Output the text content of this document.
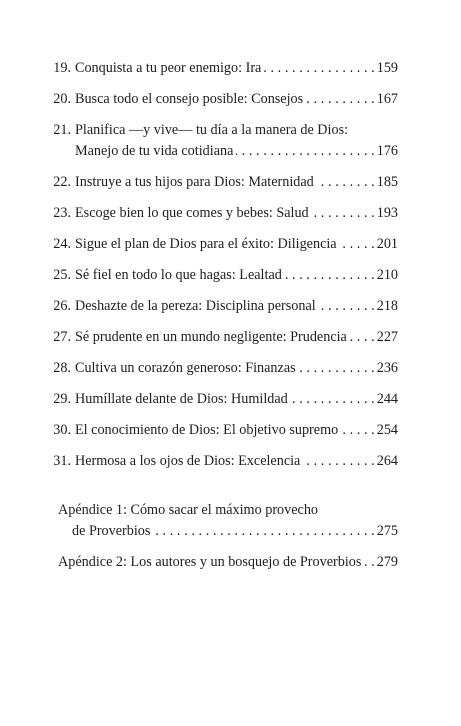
19. Conquista a tu peor enemigo: Ira . . .	159
20. Busca todo el consejo posible: Consejos . . .	167
21. Planifica —y vive— tu día a la manera de Dios:
Manejo de tu vida cotidiana . . .	176
22. Instruye a tus hijos para Dios: Maternidad . . .	185
23. Escoge bien lo que comes y bebes: Salud . . .	193
24. Sigue el plan de Dios para el éxito: Diligencia . . .	201
25. Sé fiel en todo lo que hagas: Lealtad . . .	210
26. Deshazte de la pereza: Disciplina personal . . .	218
27. Sé prudente en un mundo negligente: Prudencia . . . 227
28. Cultiva un corazón generoso: Finanzas . . .	236
29. Humíllate delante de Dios: Humildad . . .	244
30. El conocimiento de Dios: El objetivo supremo . . .	254
31. Hermosa a los ojos de Dios: Excelencia . . .	264
Apéndice 1: Cómo sacar el máximo provecho
de Proverbios . . .	275
Apéndice 2: Los autores y un bosquejo de Proverbios . . . 279
